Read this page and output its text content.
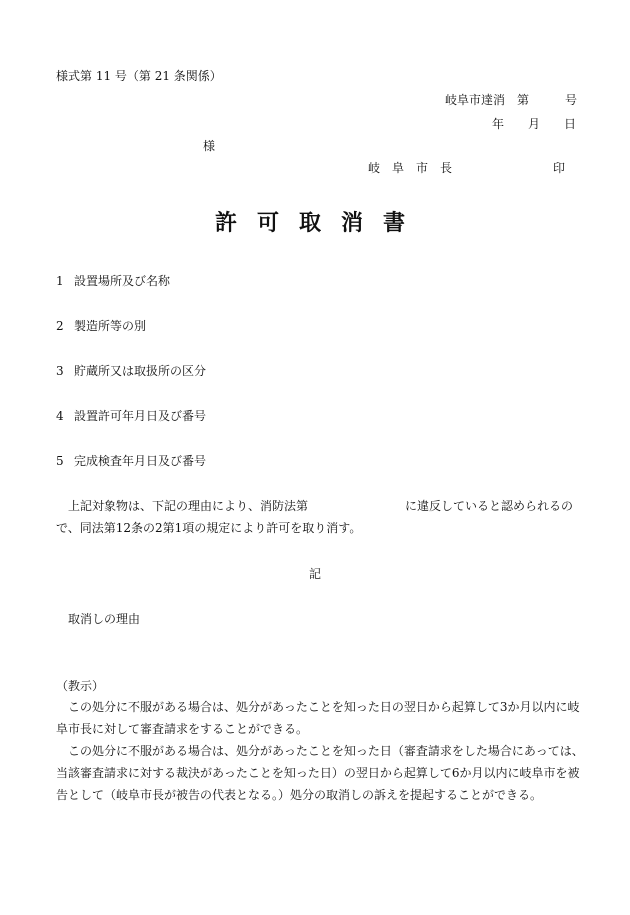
様式第 11 号（第 21 条関係）
岐阜市達消　第　　　号
年　　月　　日
様
岐　阜　市　長	印
許可取消書
1 設置場所及び名称
2 製造所等の別
3 貯蔵所又は取扱所の区分
4 設置許可年月日及び番号
5 完成検査年月日及び番号
上記対象物は、下記の理由により、消防法第	に違反していると認められるの
で、同法第12条の2第1項の規定により許可を取り消す。
記
取消しの理由
（教示）
この処分に不服がある場合は、処分があったことを知った日の翌日から起算して3か月以内に岐阜市長に対して審査請求をすることができる。
この処分に不服がある場合は、処分があったことを知った日（審査請求をした場合にあっては、当該審査請求に対する裁決があったことを知った日）の翌日から起算して6か月以内に岐阜市を被告として（岐阜市長が被告の代表となる。）処分の取消しの訴えを提起することができる。
